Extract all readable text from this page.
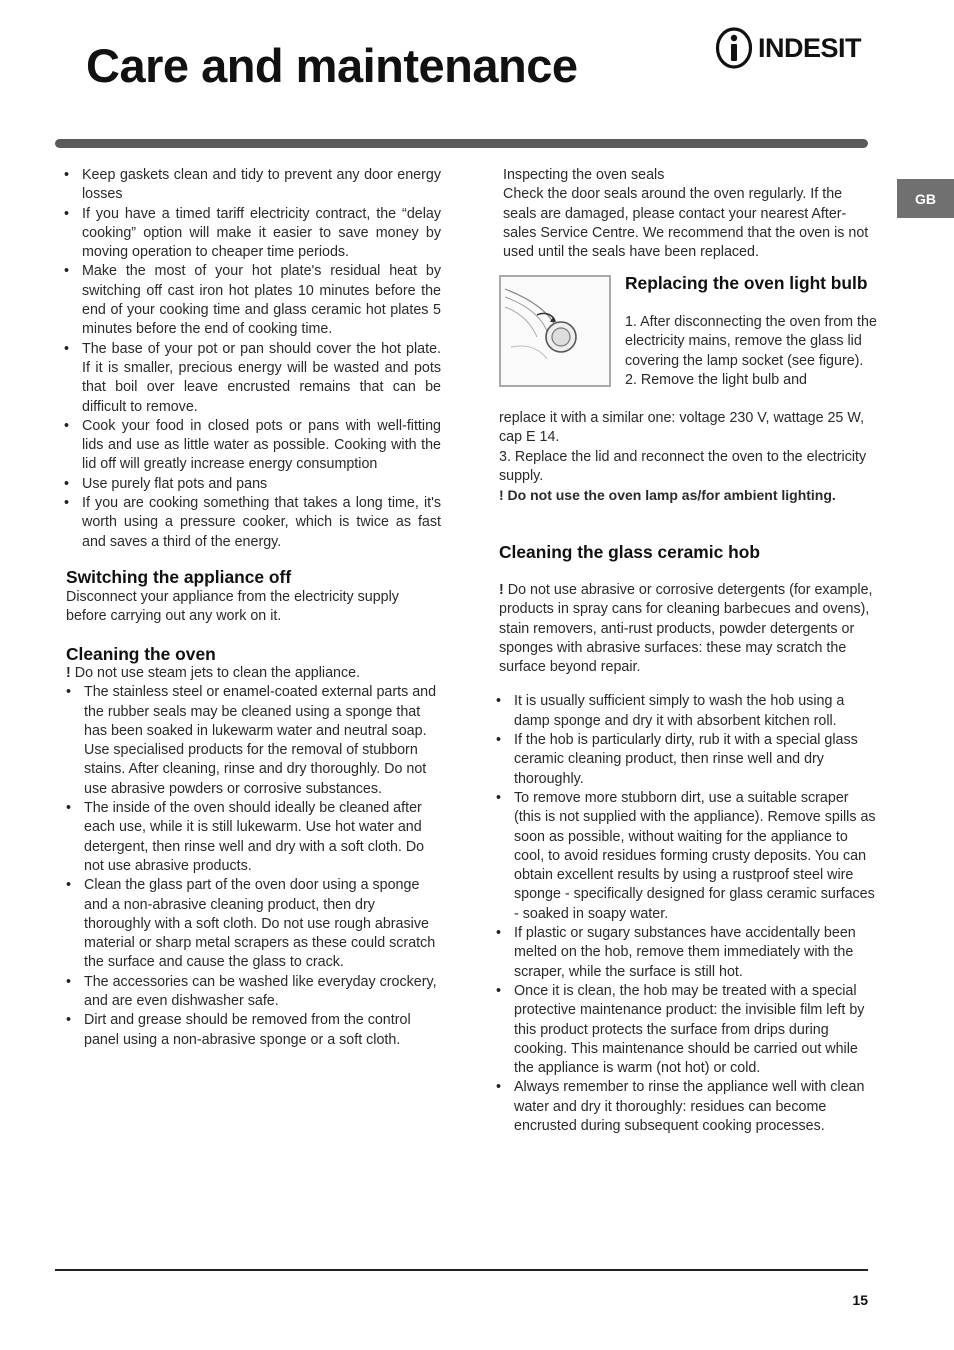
Care and maintenance	INDESIT
GB
• Keep gaskets clean and tidy to prevent any door energy losses
• If you have a timed tariff electricity contract, the “delay cooking” option will make it easier to save money by moving operation to cheaper time periods.
• Make the most of your hot plate's residual heat by switching off cast iron hot plates 10 minutes before the end of your cooking time and glass ceramic hot plates 5 minutes before the end of cooking time.
• The base of your pot or pan should cover the hot plate. If it is smaller, precious energy will be wasted and pots that boil over leave encrusted remains that can be difficult to remove.
• Cook your food in closed pots or pans with well-fitting lids and use as little water as possible. Cooking with the lid off will greatly increase energy consumption
• Use purely flat pots and pans
• If you are cooking something that takes a long time, it's worth using a pressure cooker, which is twice as fast and saves a third of the energy.
Switching the appliance off

Disconnect your appliance from the electricity supply before carrying out any work on it.

Cleaning the oven

! Do not use steam jets to clean the appliance.

• The stainless steel or enamel-coated external parts and the rubber seals may be cleaned using a sponge that has been soaked in lukewarm water and neutral soap. Use specialised products for the removal of stubborn stains. After cleaning, rinse and dry thoroughly. Do not use abrasive powders or corrosive substances.
• The inside of the oven should ideally be cleaned after each use, while it is still lukewarm. Use hot water and detergent, then rinse well and dry with a soft cloth. Do not use abrasive products.
• Clean the glass part of the oven door using a sponge and a non-abrasive cleaning product, then dry thoroughly with a soft cloth. Do not use rough abrasive material or sharp metal scrapers as these could scratch the surface and cause the glass to crack.
• The accessories can be washed like everyday crockery, and are even dishwasher safe.
• Dirt and grease should be removed from the control panel using a non-abrasive sponge or a soft cloth.

Inspecting the oven seals

Check the door seals around the oven regularly. If the seals are damaged, please contact your nearest After-sales Service Centre. We recommend that the oven is not used until the seals have been replaced.

Replacing the oven light bulb

1. After disconnecting the oven from the electricity mains, remove the glass lid covering the lamp socket (see figure).

2. Remove the light bulb and

replace it with a similar one: voltage 230 V, wattage 25 W, cap E 14.

3. Replace the lid and reconnect the oven to the electricity supply.

! Do not use the oven lamp as/for ambient lighting.

Cleaning the glass ceramic hob

! Do not use abrasive or corrosive detergents (for example, products in spray cans for cleaning barbecues and ovens), stain removers, anti-rust products, powder detergents or sponges with abrasive surfaces: these may scratch the surface beyond repair.

• It is usually sufficient simply to wash the hob using a damp sponge and dry it with absorbent kitchen roll.
• If the hob is particularly dirty, rub it with a special glass ceramic cleaning product, then rinse well and dry thoroughly.
• To remove more stubborn dirt, use a suitable scraper (this is not supplied with the appliance). Remove spills as soon as possible, without waiting for the appliance to cool, to avoid residues forming crusty deposits. You can obtain excellent results by using a rustproof steel wire sponge - specifically designed for glass ceramic surfaces - soaked in soapy water.
• If plastic or sugary substances have accidentally been melted on the hob, remove them immediately with the scraper, while the surface is still hot.
• Once it is clean, the hob may be treated with a special protective maintenance product: the invisible film left by this product protects the surface from drips during cooking. This maintenance should be carried out while the appliance is warm (not hot) or cold.
• Always remember to rinse the appliance well with clean water and dry it thoroughly: residues can become encrusted during subsequent cooking processes.
15
